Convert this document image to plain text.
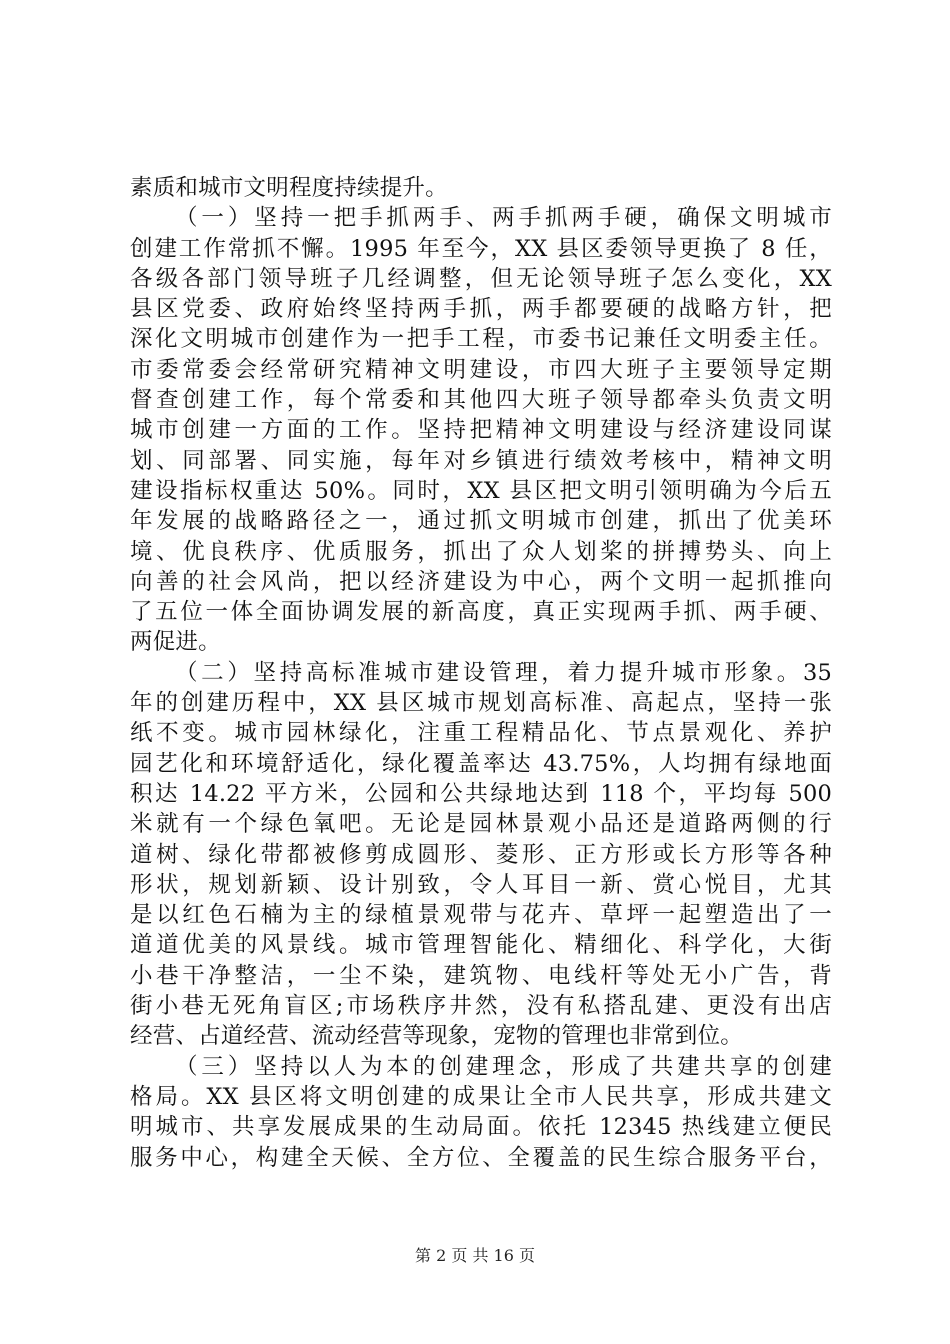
素质和城市文明程度持续提升。
（一）坚持一把手抓两手、两手抓两手硬，确保文明城市
创建工作常抓不懈。1995 年至今，XX 县区委领导更换了 8 任，
各级各部门领导班子几经调整，但无论领导班子怎么变化，XX
县区党委、政府始终坚持两手抓，两手都要硬的战略方针，把
深化文明城市创建作为一把手工程，市委书记兼任文明委主任。
市委常委会经常研究精神文明建设，市四大班子主要领导定期
督查创建工作，每个常委和其他四大班子领导都牵头负责文明
城市创建一方面的工作。坚持把精神文明建设与经济建设同谋
划、同部署、同实施，每年对乡镇进行绩效考核中，精神文明
建设指标权重达 50%。同时，XX 县区把文明引领明确为今后五
年发展的战略路径之一，通过抓文明城市创建，抓出了优美环
境、优良秩序、优质服务，抓出了众人划桨的拼搏势头、向上
向善的社会风尚，把以经济建设为中心，两个文明一起抓推向
了五位一体全面协调发展的新高度，真正实现两手抓、两手硬、
两促进。
（二）坚持高标准城市建设管理，着力提升城市形象。35
年的创建历程中，XX 县区城市规划高标准、高起点，坚持一张
纸不变。城市园林绿化，注重工程精品化、节点景观化、养护
园艺化和环境舒适化，绿化覆盖率达 43.75%，人均拥有绿地面
积达 14.22 平方米，公园和公共绿地达到 118 个，平均每 500
米就有一个绿色氧吧。无论是园林景观小品还是道路两侧的行
道树、绿化带都被修剪成圆形、菱形、正方形或长方形等各种
形状，规划新颖、设计别致，令人耳目一新、赏心悦目，尤其
是以红色石楠为主的绿植景观带与花卉、草坪一起塑造出了一
道道优美的风景线。城市管理智能化、精细化、科学化，大街
小巷干净整洁，一尘不染，建筑物、电线杆等处无小广告，背
街小巷无死角盲区;市场秩序井然，没有私搭乱建、更没有出店
经营、占道经营、流动经营等现象，宠物的管理也非常到位。
（三）坚持以人为本的创建理念，形成了共建共享的创建
格局。XX 县区将文明创建的成果让全市人民共享，形成共建文
明城市、共享发展成果的生动局面。依托 12345 热线建立便民
服务中心，构建全天候、全方位、全覆盖的民生综合服务平台，
第 2 页 共 16 页
